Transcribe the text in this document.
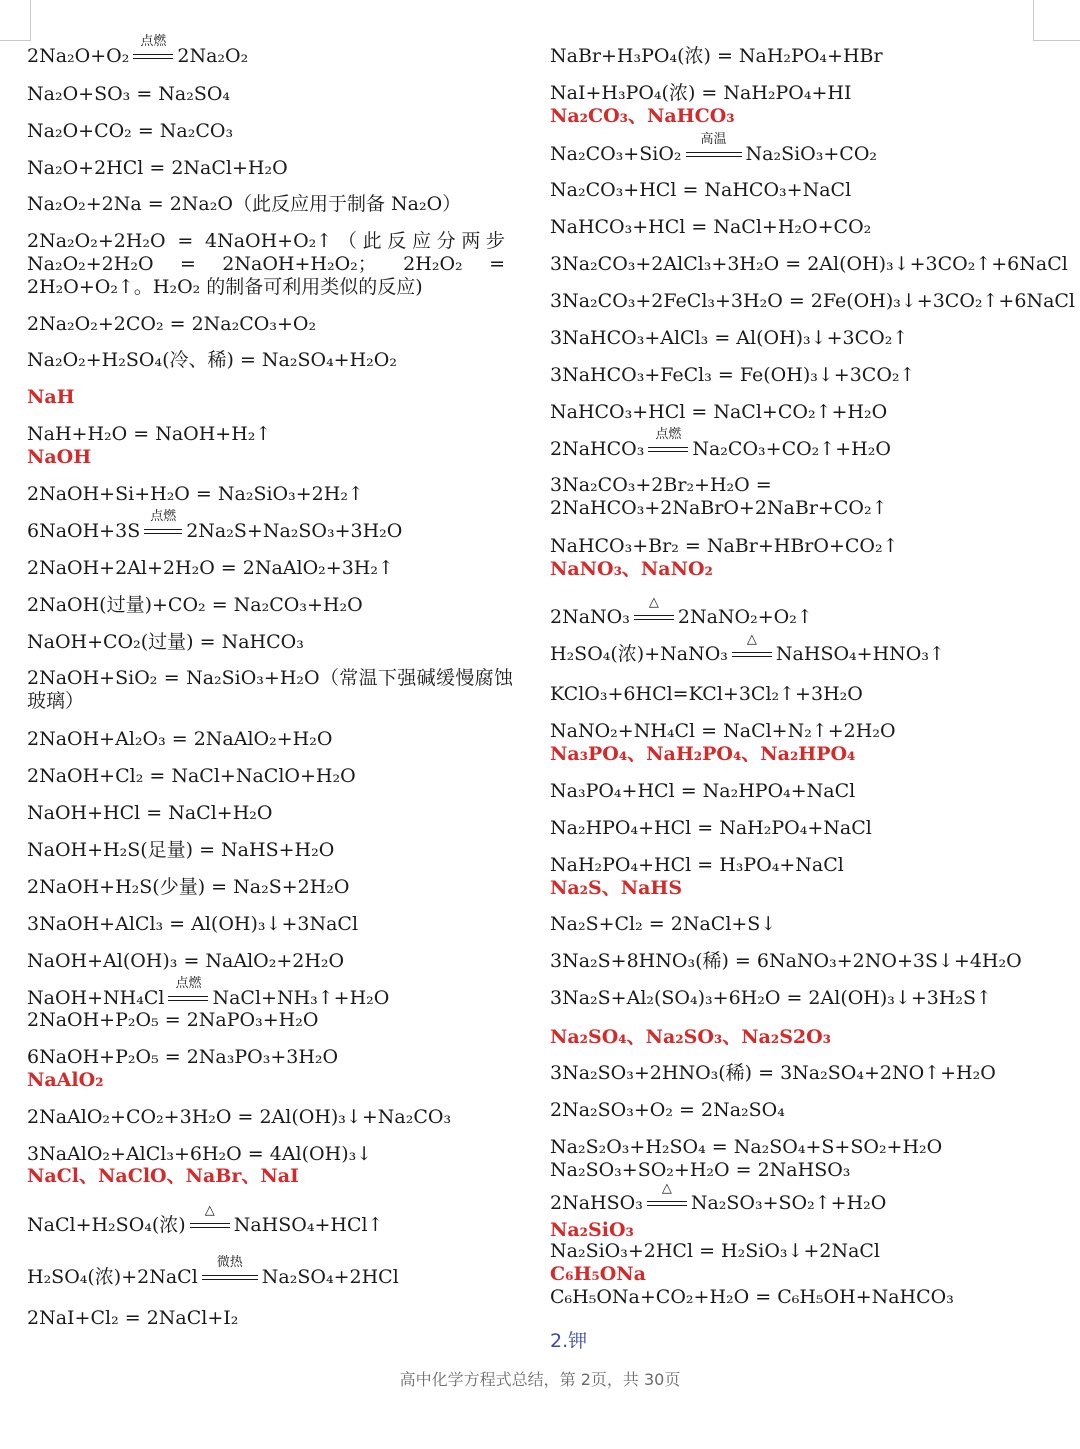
2Na₂O+O₂
点燃
2Na₂O₂
Na₂O+SO₃ = Na₂SO₄
Na₂O+CO₂ = Na₂CO₃
Na₂O+2HCl = 2NaCl+H₂O
Na₂O₂+2Na = 2Na₂O（此反应用于制备 Na₂O）
2Na₂O₂+2H₂O = 4NaOH+O₂↑（此反应分两步 Na₂O₂+2H₂O = 2NaOH+H₂O₂； 2H₂O₂ = 2H₂O+O₂↑。H₂O₂ 的制备可利用类似的反应)
2Na₂O₂+2CO₂ = 2Na₂CO₃+O₂
Na₂O₂+H₂SO₄(冷、稀) = Na₂SO₄+H₂O₂
NaH
NaH+H₂O = NaOH+H₂↑
NaOH
2NaOH+Si+H₂O = Na₂SiO₃+2H₂↑
6NaOH+3S
点燃
2Na₂S+Na₂SO₃+3H₂O
2NaOH+2Al+2H₂O = 2NaAlO₂+3H₂↑
2NaOH(过量)+CO₂ = Na₂CO₃+H₂O
NaOH+CO₂(过量) = NaHCO₃
2NaOH+SiO₂ = Na₂SiO₃+H₂O（常温下强碱缓慢腐蚀玻璃）
2NaOH+Al₂O₃ = 2NaAlO₂+H₂O
2NaOH+Cl₂ = NaCl+NaClO+H₂O
NaOH+HCl = NaCl+H₂O
NaOH+H₂S(足量) = NaHS+H₂O
2NaOH+H₂S(少量) = Na₂S+2H₂O
3NaOH+AlCl₃ = Al(OH)₃↓+3NaCl
NaOH+Al(OH)₃ = NaAlO₂+2H₂O
NaOH+NH₄Cl
点燃
NaCl+NH₃↑+H₂O
2NaOH+P₂O₅ = 2NaPO₃+H₂O
6NaOH+P₂O₅ = 2Na₃PO₃+3H₂O
NaAlO₂
2NaAlO₂+CO₂+3H₂O = 2Al(OH)₃↓+Na₂CO₃
3NaAlO₂+AlCl₃+6H₂O = 4Al(OH)₃↓
NaCl、NaClO、NaBr、NaI
NaCl+H₂SO₄(浓)
△
NaHSO₄+HCl↑
H₂SO₄(浓)+2NaCl
微热
Na₂SO₄+2HCl
2NaI+Cl₂ = 2NaCl+I₂
NaBr+H₃PO₄(浓) = NaH₂PO₄+HBr
NaI+H₃PO₄(浓) = NaH₂PO₄+HI
Na₂CO₃、NaHCO₃
Na₂CO₃+SiO₂
高温
Na₂SiO₃+CO₂
Na₂CO₃+HCl = NaHCO₃+NaCl
NaHCO₃+HCl = NaCl+H₂O+CO₂
3Na₂CO₃+2AlCl₃+3H₂O = 2Al(OH)₃↓+3CO₂↑+6NaCl
3Na₂CO₃+2FeCl₃+3H₂O = 2Fe(OH)₃↓+3CO₂↑+6NaCl
3NaHCO₃+AlCl₃ = Al(OH)₃↓+3CO₂↑
3NaHCO₃+FeCl₃ = Fe(OH)₃↓+3CO₂↑
NaHCO₃+HCl = NaCl+CO₂↑+H₂O
2NaHCO₃
点燃
Na₂CO₃+CO₂↑+H₂O
3Na₂CO₃+2Br₂+H₂O = 2NaHCO₃+2NaBrO+2NaBr+CO₂↑
NaHCO₃+Br₂ = NaBr+HBrO+CO₂↑
NaNO₃、NaNO₂
2NaNO₃
△
2NaNO₂+O₂↑
H₂SO₄(浓)+NaNO₃
△
NaHSO₄+HNO₃↑
KClO₃+6HCl=KCl+3Cl₂↑+3H₂O
NaNO₂+NH₄Cl = NaCl+N₂↑+2H₂O
Na₃PO₄、NaH₂PO₄、Na₂HPO₄
Na₃PO₄+HCl = Na₂HPO₄+NaCl
Na₂HPO₄+HCl = NaH₂PO₄+NaCl
NaH₂PO₄+HCl = H₃PO₄+NaCl
Na₂S、NaHS
Na₂S+Cl₂ = 2NaCl+S↓
3Na₂S+8HNO₃(稀) = 6NaNO₃+2NO+3S↓+4H₂O
3Na₂S+Al₂(SO₄)₃+6H₂O = 2Al(OH)₃↓+3H₂S↑
Na₂SO₄、Na₂SO₃、Na₂S2O₃
3Na₂SO₃+2HNO₃(稀) = 3Na₂SO₄+2NO↑+H₂O
2Na₂SO₃+O₂ = 2Na₂SO₄
Na₂S₂O₃+H₂SO₄ = Na₂SO₄+S+SO₂+H₂O
Na₂SO₃+SO₂+H₂O = 2NaHSO₃
2NaHSO₃
△
Na₂SO₃+SO₂↑+H₂O
Na₂SiO₃
Na₂SiO₃+2HCl = H₂SiO₃↓+2NaCl
C₆H₅ONa
C₆H₅ONa+CO₂+H₂O = C₆H₅OH+NaHCO₃
2.钾
高中化学方程式总结，第 2页，共 30页
